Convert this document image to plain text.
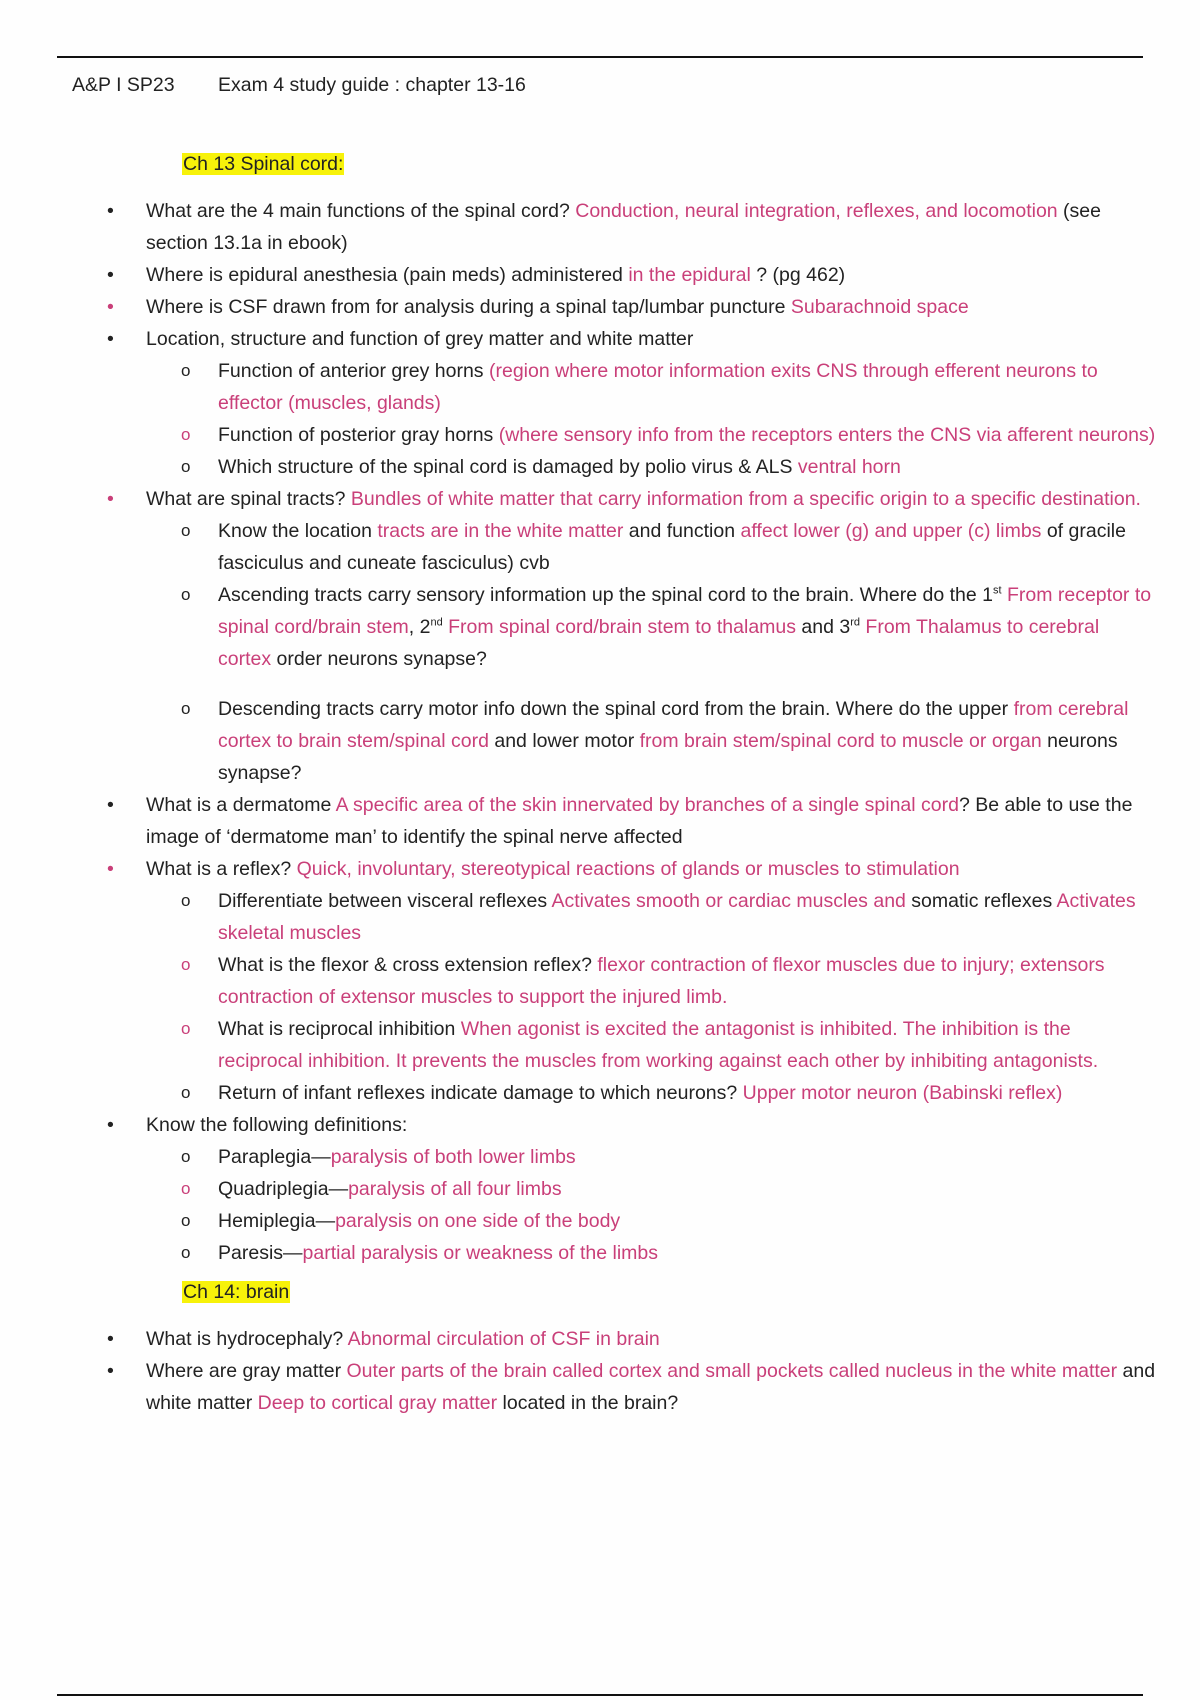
A&P I SP23 Exam 4 study guide : chapter 13-16
Ch 13 Spinal cord:
• What are the 4 main functions of the spinal cord? Conduction, neural integration, reflexes, and locomotion (see section 13.1a in ebook)
• Where is epidural anesthesia (pain meds) administered in the epidural ? (pg 462)
• Where is CSF drawn from for analysis during a spinal tap/lumbar puncture Subarachnoid space
• Location, structure and function of grey matter and white matter
o Function of anterior grey horns (region where motor information exits CNS through efferent neurons to effector (muscles, glands)
o Function of posterior gray horns (where sensory info from the receptors enters the CNS via afferent neurons)
o Which structure of the spinal cord is damaged by polio virus & ALS ventral horn
• What are spinal tracts? Bundles of white matter that carry information from a specific origin to a specific destination.
o Know the location tracts are in the white matter and function affect lower (g) and upper (c) limbs of gracile fasciculus and cuneate fasciculus) cvb
o Ascending tracts carry sensory information up the spinal cord to the brain. Where do the 1st From receptor to spinal cord/brain stem, 2nd From spinal cord/brain stem to thalamus and 3rd From Thalamus to cerebral cortex order neurons synapse?
o Descending tracts carry motor info down the spinal cord from the brain. Where do the upper from cerebral cortex to brain stem/spinal cord and lower motor from brain stem/spinal cord to muscle or organ neurons synapse?
• What is a dermatome A specific area of the skin innervated by branches of a single spinal cord? Be able to use the image of ‘dermatome man’ to identify the spinal nerve affected
• What is a reflex? Quick, involuntary, stereotypical reactions of glands or muscles to stimulation
o Differentiate between visceral reflexes Activates smooth or cardiac muscles and somatic reflexes Activates skeletal muscles
o What is the flexor & cross extension reflex? flexor contraction of flexor muscles due to injury; extensors contraction of extensor muscles to support the injured limb.
o What is reciprocal inhibition When agonist is excited the antagonist is inhibited. The inhibition is the reciprocal inhibition. It prevents the muscles from working against each other by inhibiting antagonists.
o Return of infant reflexes indicate damage to which neurons? Upper motor neuron (Babinski reflex)
• Know the following definitions:
o Paraplegia—paralysis of both lower limbs
o Quadriplegia—paralysis of all four limbs
o Hemiplegia—paralysis on one side of the body
o Paresis—partial paralysis or weakness of the limbs
Ch 14: brain
• What is hydrocephaly? Abnormal circulation of CSF in brain
• Where are gray matter Outer parts of the brain called cortex and small pockets called nucleus in the white matter and white matter Deep to cortical gray matter located in the brain?
